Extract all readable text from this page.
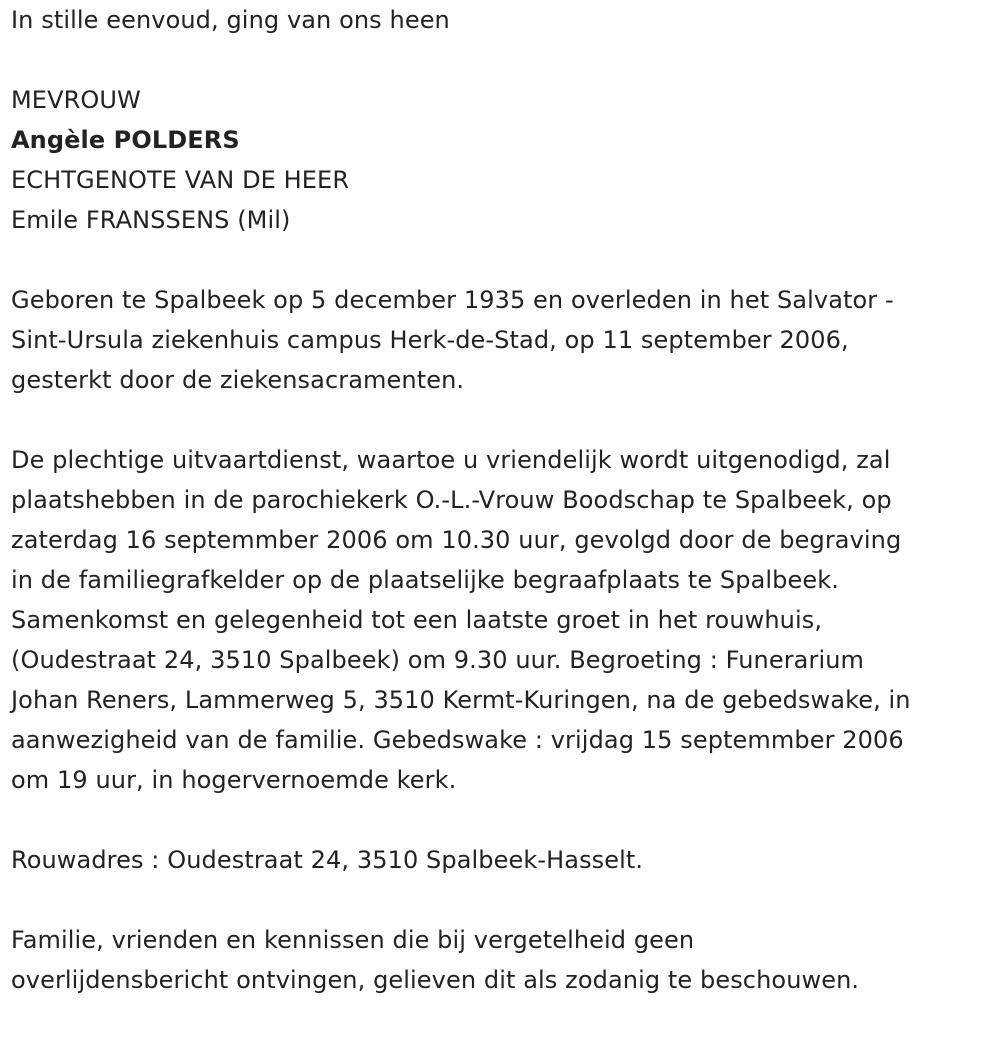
In stille eenvoud, ging van ons heen

MEVROUW

Angèle POLDERS

ECHTGENOTE VAN DE HEER

Emile FRANSSENS (Mil)

Geboren te Spalbeek op 5 december 1935 en overleden in het Salvator -
Sint-Ursula ziekenhuis campus Herk-de-Stad, op 11 september 2006,
gesterkt door de ziekensacramenten.
De plechtige uitvaartdienst, waartoe u vriendelijk wordt uitgenodigd, zal
plaatshebben in de parochiekerk O.-L.-Vrouw Boodschap te Spalbeek, op
zaterdag 16 septemmber 2006 om 10.30 uur, gevolgd door de begraving
in de familiegrafkelder op de plaatselijke begraafplaats te Spalbeek.
Samenkomst en gelegenheid tot een laatste groet in het rouwhuis,
(Oudestraat 24, 3510 Spalbeek) om 9.30 uur. Begroeting : Funerarium
Johan Reners, Lammerweg 5, 3510 Kermt-Kuringen, na de gebedswake, in
aanwezigheid van de familie. Gebedswake : vrijdag 15 septemmber 2006
om 19 uur, in hogervernoemde kerk.

Rouwadres : Oudestraat 24, 3510 Spalbeek-Hasselt.

Familie, vrienden en kennissen die bij vergetelheid geen
overlijdensbericht ontvingen, gelieven dit als zodanig te beschouwen.
